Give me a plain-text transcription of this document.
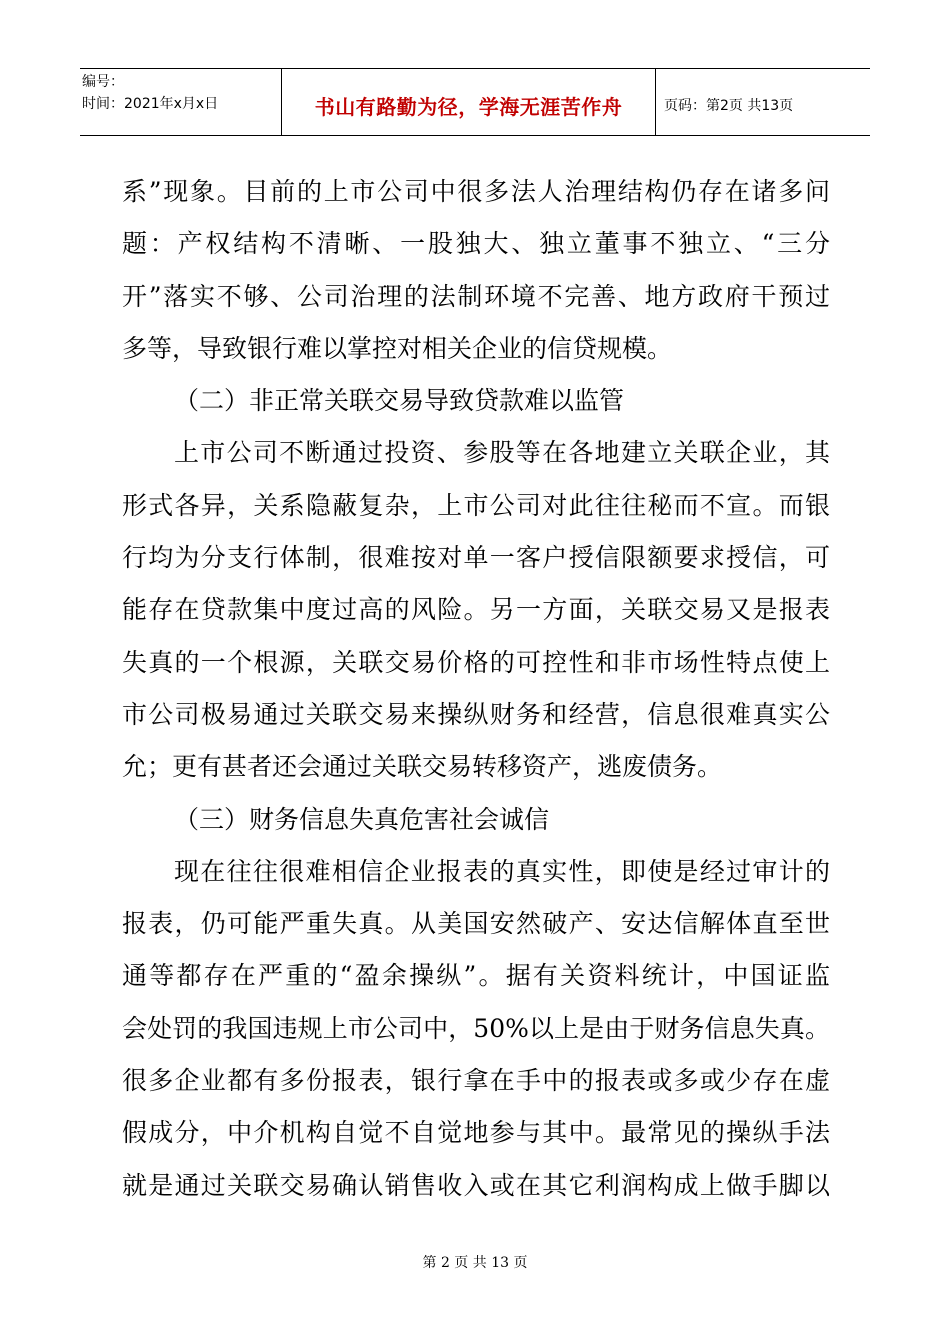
编号：
时间：2021年x月x日	书山有路勤为径，学海无涯苦作舟	页码：第2页 共13页
系”现象。目前的上市公司中很多法人治理结构仍存在诸多问
题：产权结构不清晰、一股独大、独立董事不独立、“三分
开”落实不够、公司治理的法制环境不完善、地方政府干预过
多等，导致银行难以掌控对相关企业的信贷规模。
（二）非正常关联交易导致贷款难以监管
上市公司不断通过投资、参股等在各地建立关联企业，其
形式各异，关系隐蔽复杂，上市公司对此往往秘而不宣。而银
行均为分支行体制，很难按对单一客户授信限额要求授信，可
能存在贷款集中度过高的风险。另一方面，关联交易又是报表
失真的一个根源，关联交易价格的可控性和非市场性特点使上
市公司极易通过关联交易来操纵财务和经营，信息很难真实公
允；更有甚者还会通过关联交易转移资产，逃废债务。
（三）财务信息失真危害社会诚信
现在往往很难相信企业报表的真实性，即使是经过审计的
报表，仍可能严重失真。从美国安然破产、安达信解体直至世
通等都存在严重的“盈余操纵”。据有关资料统计，中国证监
会处罚的我国违规上市公司中，50%以上是由于财务信息失真。
很多企业都有多份报表，银行拿在手中的报表或多或少存在虚
假成分，中介机构自觉不自觉地参与其中。最常见的操纵手法
就是通过关联交易确认销售收入或在其它利润构成上做手脚以
第 2 页 共 13 页
